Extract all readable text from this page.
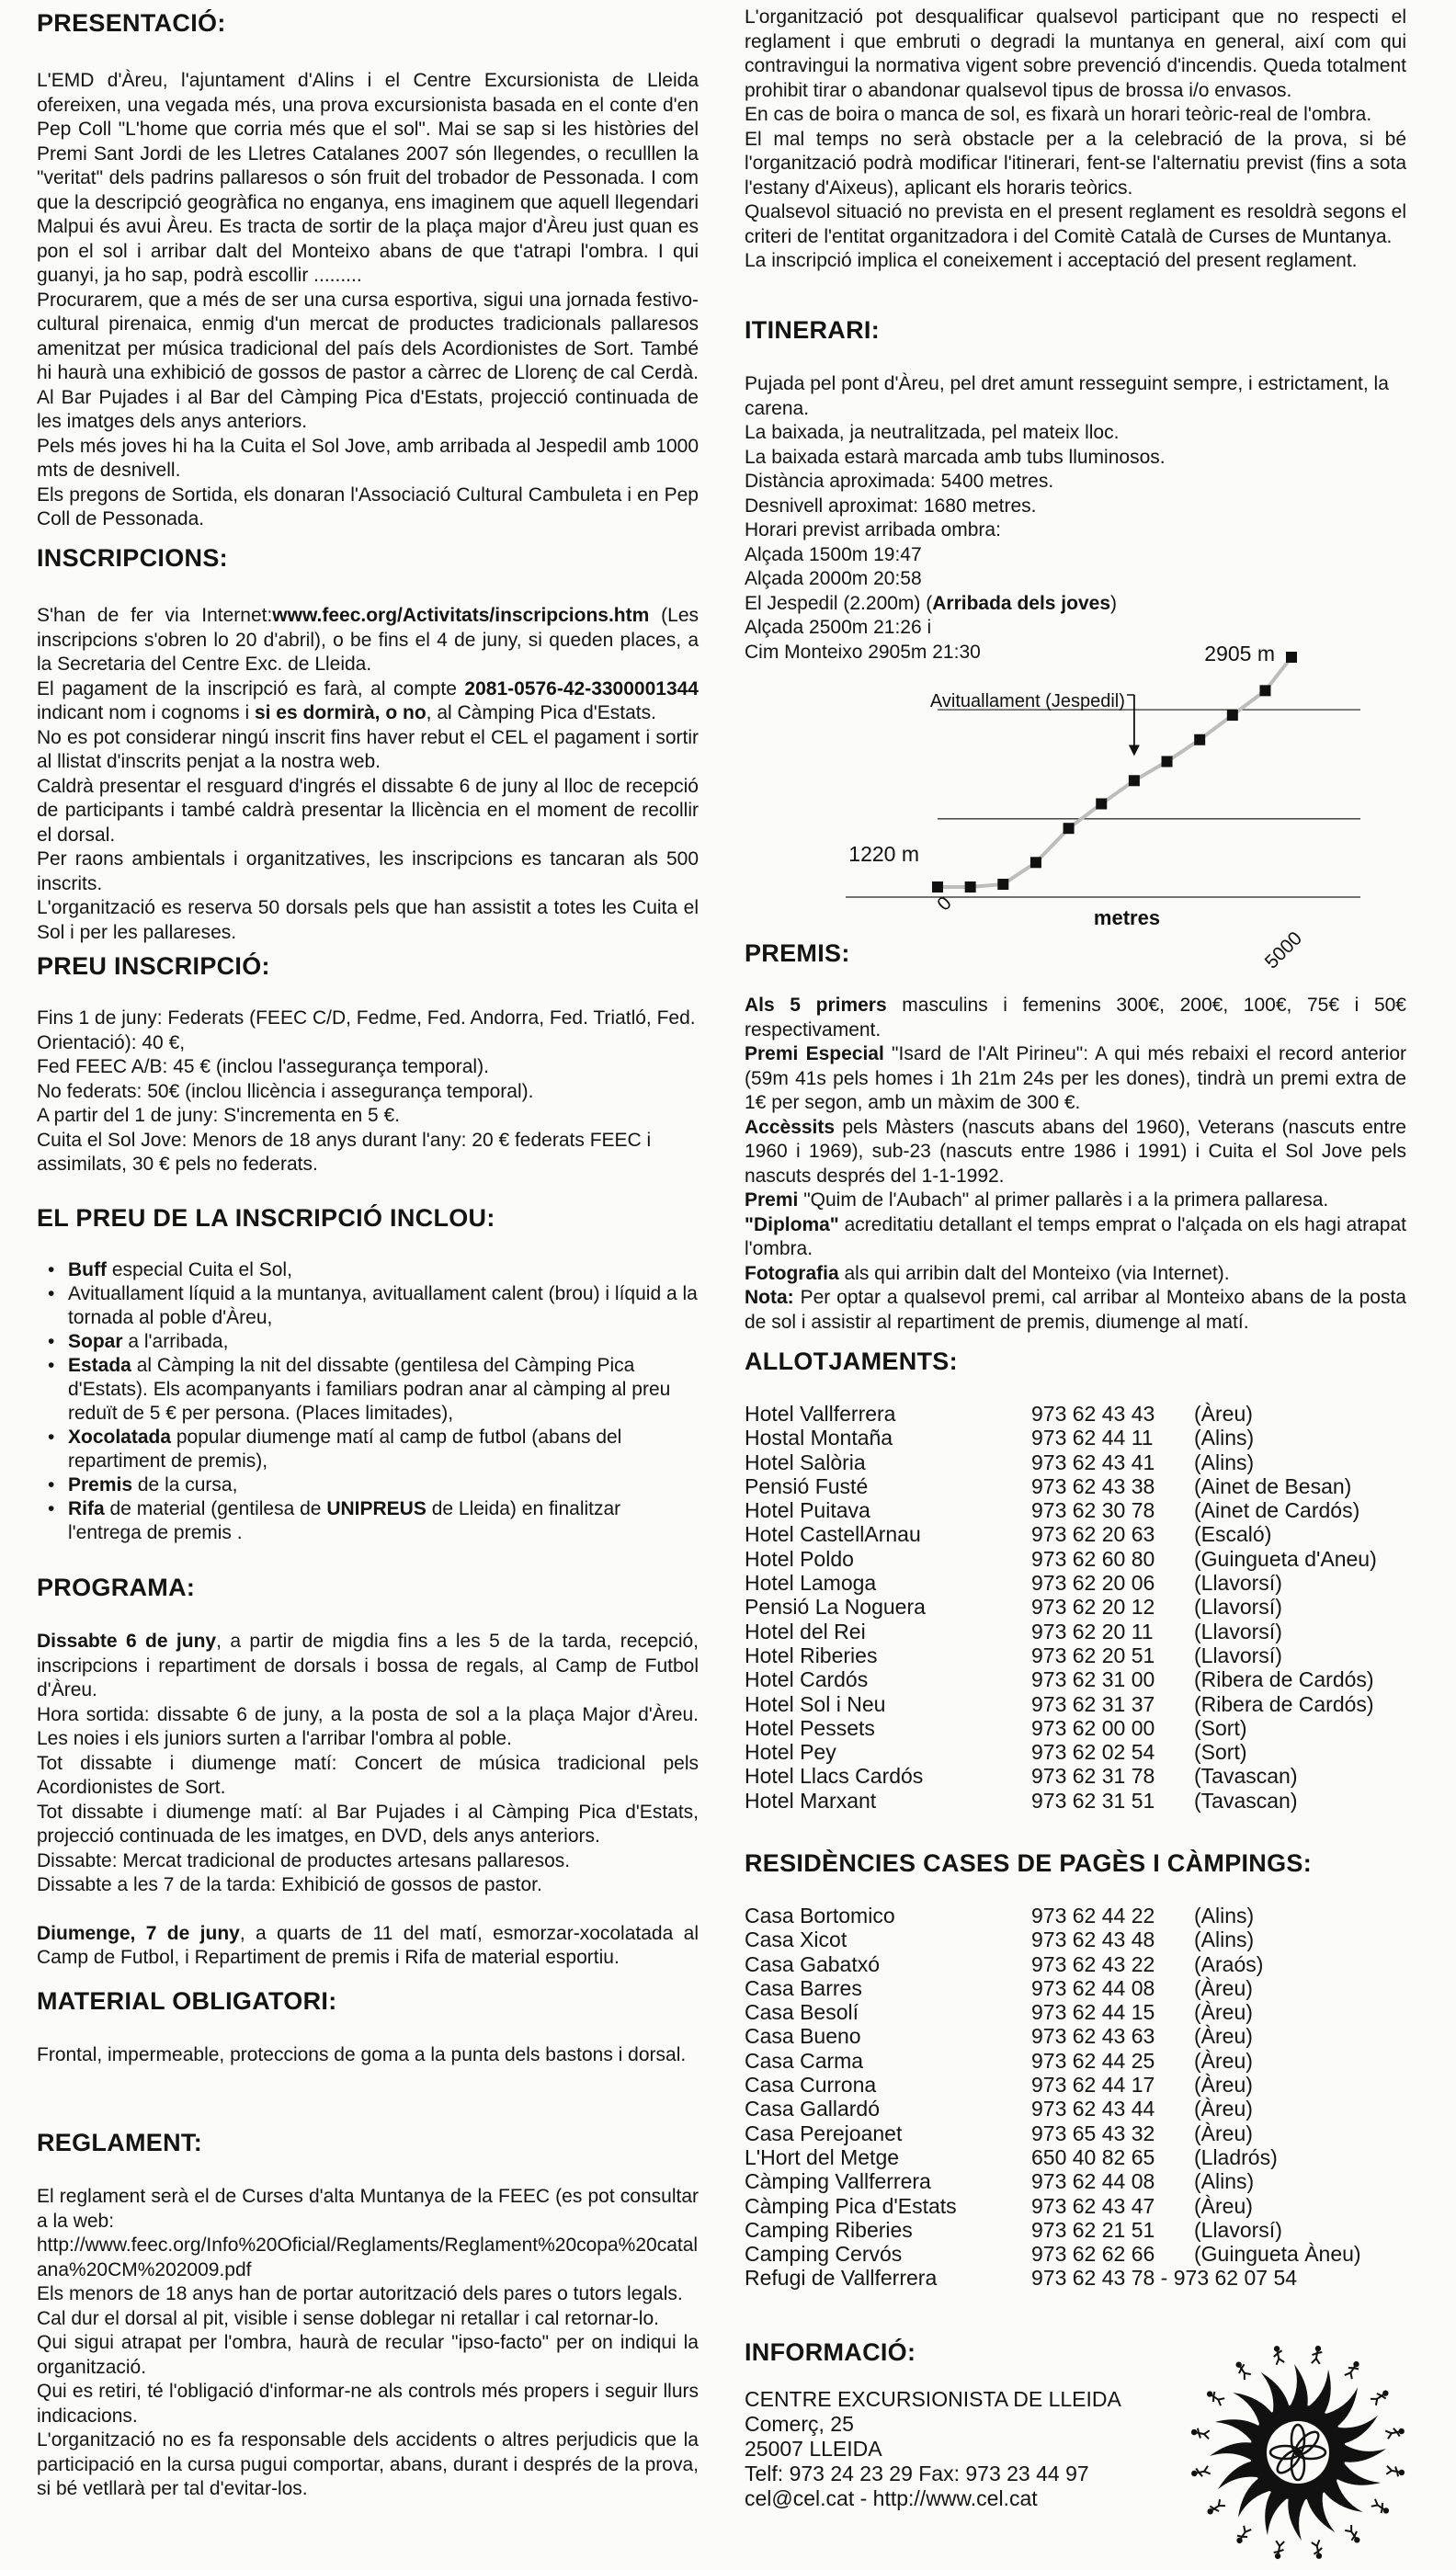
PRESENTACIÓ:

L'EMD d'Àreu, l'ajuntament d'Alins i el Centre Excursionista de Lleida ofereixen, una vegada més, una prova excursionista basada en el conte d'en Pep Coll "L'home que corria més que el sol". Mai se sap si les històries del Premi Sant Jordi de les Lletres Catalanes 2007 són llegendes, o reculllen la "veritat" dels padrins pallaresos o són fruit del trobador de Pessonada. I com que la descripció geogràfica no enganya, ens imaginem que aquell llegendari Malpui és avui Àreu. Es tracta de sortir de la plaça major d'Àreu just quan es pon el sol i arribar dalt del Monteixo abans de que t'atrapi l'ombra. I qui guanyi, ja ho sap, podrà escollir .........

Procurarem, que a més de ser una cursa esportiva, sigui una jornada festivo-cultural pirenaica, enmig d'un mercat de productes tradicionals pallaresos amenitzat per música tradicional del país dels Acordionistes de Sort. També hi haurà una exhibició de gossos de pastor a càrrec de Llorenç de cal Cerdà. Al Bar Pujades i al Bar del Càmping Pica d'Estats, projecció continuada de les imatges dels anys anteriors.

Pels més joves hi ha la Cuita el Sol Jove, amb arribada al Jespedil amb 1000 mts de desnivell.

Els pregons de Sortida, els donaran l'Associació Cultural Cambuleta i en Pep Coll de Pessonada.

INSCRIPCIONS:

S'han de fer via Internet:www.feec.org/Activitats/inscripcions.htm (Les inscripcions s'obren lo 20 d'abril), o be fins el 4 de juny, si queden places, a la Secretaria del Centre Exc. de Lleida.

El pagament de la inscripció es farà, al compte 2081-0576-42-3300001344 indicant nom i cognoms i si es dormirà, o no, al Càmping Pica d'Estats.

No es pot considerar ningú inscrit fins haver rebut el CEL el pagament i sortir al llistat d'inscrits penjat a la nostra web.

Caldrà presentar el resguard d'ingrés el dissabte 6 de juny al lloc de recepció de participants i també caldrà presentar la llicència en el moment de recollir el dorsal.

Per raons ambientals i organitzatives, les inscripcions es tancaran als 500 inscrits.

L'organització es reserva 50 dorsals pels que han assistit a totes les Cuita el Sol i per les pallareses.

PREU INSCRIPCIÓ:

Fins 1 de juny: Federats (FEEC C/D, Fedme, Fed. Andorra, Fed. Triatló, Fed. Orientació): 40 €,

Fed FEEC A/B: 45 € (inclou l'assegurança temporal).

No federats: 50€ (inclou llicència i assegurança temporal).

A partir del 1 de juny: S'incrementa en 5 €.

Cuita el Sol Jove: Menors de 18 anys durant l'any: 20 € federats FEEC i assimilats, 30 € pels no federats.

EL PREU DE LA INSCRIPCIÓ INCLOU:
• Buff especial Cuita el Sol,
• Avituallament líquid a la muntanya, avituallament calent (brou) i líquid a la tornada al poble d'Àreu,
• Sopar a l'arribada,
• Estada al Càmping la nit del dissabte (gentilesa del Càmping Pica d'Estats). Els acompanyants i familiars podran anar al càmping al preu reduït de 5 € per persona. (Places limitades),
• Xocolatada popular diumenge matí al camp de futbol (abans del repartiment de premis),
• Premis de la cursa,
• Rifa de material (gentilesa de UNIPREUS de Lleida) en finalitzar l'entrega de premis .
PROGRAMA:

Dissabte 6 de juny, a partir de migdia fins a les 5 de la tarda, recepció, inscripcions i repartiment de dorsals i bossa de regals, al Camp de Futbol d'Àreu.

Hora sortida: dissabte 6 de juny, a la posta de sol a la plaça Major d'Àreu. Les noies i els juniors surten a l'arribar l'ombra al poble.

Tot dissabte i diumenge matí: Concert de música tradicional pels Acordionistes de Sort.

Tot dissabte i diumenge matí: al Bar Pujades i al Càmping Pica d'Estats, projecció continuada de les imatges, en DVD, dels anys anteriors.

Dissabte: Mercat tradicional de productes artesans pallaresos.

Dissabte a les 7 de la tarda: Exhibició de gossos de pastor.

Diumenge, 7 de juny, a quarts de 11 del matí, esmorzar-xocolatada al Camp de Futbol, i Repartiment de premis i Rifa de material esportiu.

MATERIAL OBLIGATORI:

Frontal, impermeable, proteccions de goma a la punta dels bastons i dorsal.

REGLAMENT:

El reglament serà el de Curses d'alta Muntanya de la FEEC (es pot consultar a la web:

http://www.feec.org/Info%20Oficial/Reglaments/Reglament%20copa%20catalana%20CM%202009.pdf

Els menors de 18 anys han de portar autorització dels pares o tutors legals.

Cal dur el dorsal al pit, visible i sense doblegar ni retallar i cal retornar-lo.

Qui sigui atrapat per l'ombra, haurà de recular "ipso-facto" per on indiqui la organització.

Qui es retiri, té l'obligació d'informar-ne als controls més propers i seguir llurs indicacions.

L'organització no es fa responsable dels accidents o altres perjudicis que la participació en la cursa pugui comportar, abans, durant i després de la prova, si bé vetllarà per tal d'evitar-los.

L'organització pot desqualificar qualsevol participant que no respecti el reglament i que embruti o degradi la muntanya en general, així com qui contravingui la normativa vigent sobre prevenció d'incendis. Queda totalment prohibit tirar o abandonar qualsevol tipus de brossa i/o envasos.

En cas de boira o manca de sol, es fixarà un horari teòric-real de l'ombra.

El mal temps no serà obstacle per a la celebració de la prova, si bé l'organització podrà modificar l'itinerari, fent-se l'alternatiu previst (fins a sota l'estany d'Aixeus), aplicant els horaris teòrics.

Qualsevol situació no prevista en el present reglament es resoldrà segons el criteri de l'entitat organitzadora i del Comitè Català de Curses de Muntanya.

La inscripció implica el coneixement i acceptació del present reglament.

ITINERARI:

Pujada pel pont d'Àreu, pel dret amunt resseguint sempre, i estrictament, la carena.

La baixada, ja neutralitzada, pel mateix lloc.

La baixada estarà marcada amb tubs lluminosos.

Distància aproximada: 5400 metres.

Desnivell aproximat: 1680 metres.

Horari previst arribada ombra:

Alçada 1500m 19:47

Alçada 2000m 20:58

El Jespedil (2.200m) (Arribada dels joves)

Alçada 2500m 21:26 i

Cim Monteixo 2905m 21:30

1220 m
2905 m
Avituallament (Jespedil)
metres
0
5000
PREMIS:

Als 5 primers masculins i femenins 300€, 200€, 100€, 75€ i 50€ respectivament.

Premi Especial "Isard de l'Alt Pirineu": A qui més rebaixi el record anterior (59m 41s pels homes i 1h 21m 24s per les dones), tindrà un premi extra de 1€ per segon, amb un màxim de 300 €.

Accèssits pels Màsters (nascuts abans del 1960), Veterans (nascuts entre 1960 i 1969), sub-23 (nascuts entre 1986 i 1991) i Cuita el Sol Jove pels nascuts després del 1-1-1992.

Premi "Quim de l'Aubach" al primer pallarès i a la primera pallaresa.

"Diploma" acreditatiu detallant el temps emprat o l'alçada on els hagi atrapat l'ombra.

Fotografia als qui arribin dalt del Monteixo (via Internet).

Nota: Per optar a qualsevol premi, cal arribar al Monteixo abans de la posta de sol i assistir al repartiment de premis, diumenge al matí.

ALLOTJAMENTS:
Hotel Vallferrera	973 62 43 43	(Àreu)
Hostal Montaña	973 62 44 11	(Alins)
Hotel Salòria	973 62 43 41	(Alins)
Pensió Fusté	973 62 43 38	(Ainet de Besan)
Hotel Puitava	973 62 30 78	(Ainet de Cardós)
Hotel CastellArnau	973 62 20 63	(Escaló)
Hotel Poldo	973 62 60 80	(Guingueta d'Aneu)
Hotel Lamoga	973 62 20 06	(Llavorsí)
Pensió La Noguera	973 62 20 12	(Llavorsí)
Hotel del Rei	973 62 20 11	(Llavorsí)
Hotel Riberies	973 62 20 51	(Llavorsí)
Hotel Cardós	973 62 31 00	(Ribera de Cardós)
Hotel Sol i Neu	973 62 31 37	(Ribera de Cardós)
Hotel Pessets	973 62 00 00	(Sort)
Hotel Pey	973 62 02 54	(Sort)
Hotel Llacs Cardós	973 62 31 78	(Tavascan)
Hotel Marxant	973 62 31 51	(Tavascan)
RESIDÈNCIES CASES DE PAGÈS I CÀMPINGS:
Casa Bortomico	973 62 44 22	(Alins)
Casa Xicot	973 62 43 48	(Alins)
Casa Gabatxó	973 62 43 22	(Araós)
Casa Barres	973 62 44 08	(Àreu)
Casa Besolí	973 62 44 15	(Àreu)
Casa Bueno	973 62 43 63	(Àreu)
Casa Carma	973 62 44 25	(Àreu)
Casa Currona	973 62 44 17	(Àreu)
Casa Gallardó	973 62 43 44	(Àreu)
Casa Perejoanet	973 65 43 32	(Àreu)
L'Hort del Metge	650 40 82 65	(Lladrós)
Càmping Vallferrera	973 62 44 08	(Alins)
Càmping Pica d'Estats	973 62 43 47	(Àreu)
Camping Riberies	973 62 21 51	(Llavorsí)
Camping Cervós	973 62 62 66	(Guingueta Àneu)
Refugi de Vallferrera	973 62 43 78 - 973 62 07 54	
INFORMACIÓ:

CENTRE EXCURSIONISTA DE LLEIDA

Comerç, 25

25007 LLEIDA

Telf: 973 24 23 29 Fax: 973 23 44 97

cel@cel.cat - http://www.cel.cat
